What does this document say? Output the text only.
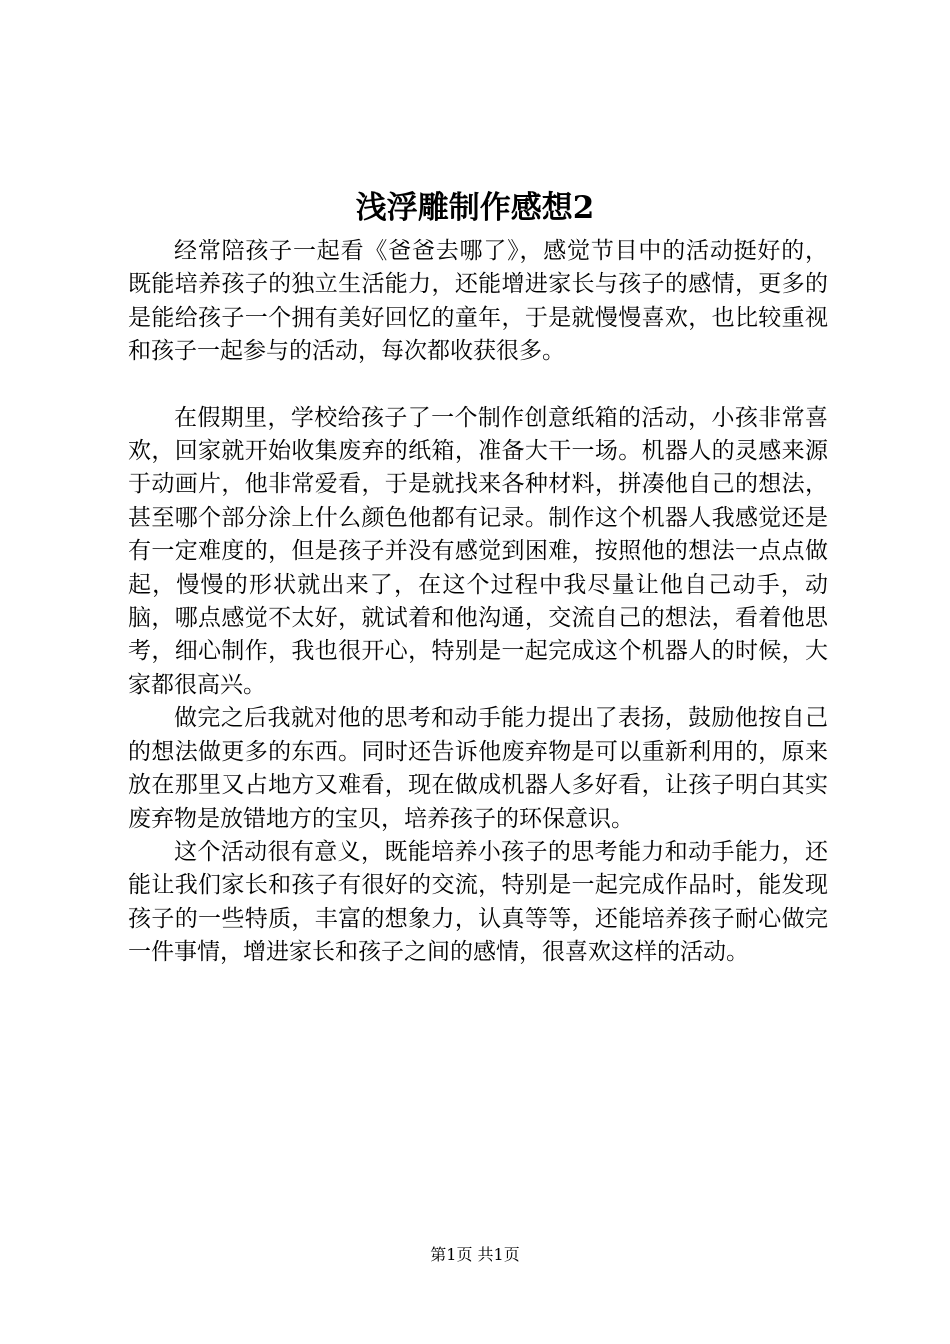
浅浮雕制作感想2

经常陪孩子一起看《爸爸去哪了》，感觉节目中的活动挺好的，既能培养孩子的独立生活能力，还能增进家长与孩子的感情，更多的是能给孩子一个拥有美好回忆的童年，于是就慢慢喜欢，也比较重视和孩子一起参与的活动，每次都收获很多。

在假期里，学校给孩子了一个制作创意纸箱的活动，小孩非常喜欢，回家就开始收集废弃的纸箱，准备大干一场。机器人的灵感来源于动画片，他非常爱看，于是就找来各种材料，拼凑他自己的想法，甚至哪个部分涂上什么颜色他都有记录。制作这个机器人我感觉还是有一定难度的，但是孩子并没有感觉到困难，按照他的想法一点点做起，慢慢的形状就出来了，在这个过程中我尽量让他自己动手，动脑，哪点感觉不太好，就试着和他沟通，交流自己的想法，看着他思考，细心制作，我也很开心，特别是一起完成这个机器人的时候，大家都很高兴。

做完之后我就对他的思考和动手能力提出了表扬，鼓励他按自己的想法做更多的东西。同时还告诉他废弃物是可以重新利用的，原来放在那里又占地方又难看，现在做成机器人多好看，让孩子明白其实废弃物是放错地方的宝贝，培养孩子的环保意识。

这个活动很有意义，既能培养小孩子的思考能力和动手能力，还能让我们家长和孩子有很好的交流，特别是一起完成作品时，能发现孩子的一些特质，丰富的想象力，认真等等，还能培养孩子耐心做完一件事情，增进家长和孩子之间的感情，很喜欢这样的活动。

第1页 共1页
